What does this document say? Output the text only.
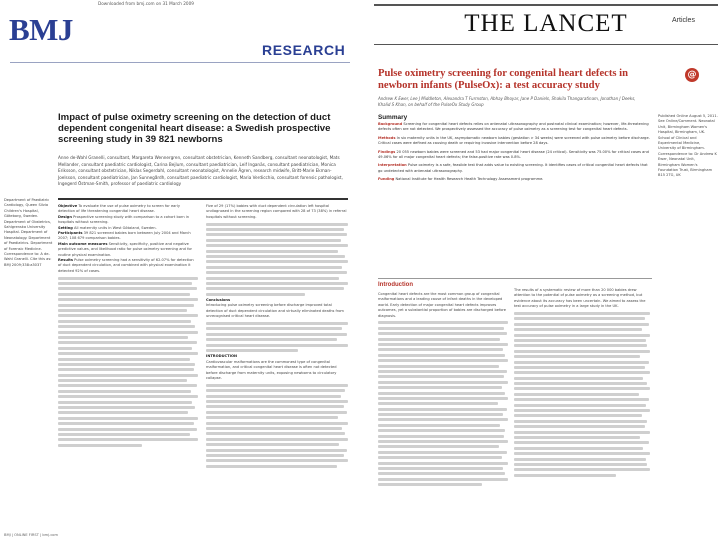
Downloaded from bmj.com on 31 March 2009
BMJ
RESEARCH
Impact of pulse oximetry screening on the detection of duct dependent congenital heart disease: a Swedish prospective screening study in 39 821 newborns
Anne de-Wahl Granelli, consultant, Margareta Wennergren, consultant obstetrician, Kenneth Sandberg, consultant neonatologist, Mats Mellander, consultant paediatric cardiologist, Carina Bejlum, consultant paediatrician, Leif Inganäs, consultant paediatrician, Monica Eriksson, consultant obstetrician, Niklas Segerdahl, consultant neonatologist, Annelie Ågren, research midwife, Britt-Marie Ekman-Joelsson, consultant paediatrician, Jan Sunnegårdh, consultant paediatric cardiologist, Maria Verdicchio, consultant forensic pathologist, Ingegerd Östman-Smith, professor of paediatric cardiology
Department of Paediatric Cardiology, Queen Silvia Children's Hospital, Göteborg, Sweden. Department of Obstetrics, Sahlgrenska University Hospital. Department of Neonatology. Department of Paediatrics. Department of Forensic Medicine. Correspondence to: A de-Wahl Granelli. Cite this as: BMJ 2009;338:a3037
Objective To evaluate the use of pulse oximetry to screen for early detection of life threatening congenital heart disease.
Design Prospective screening study with comparison to a cohort born in hospitals without screening.
Setting All maternity units in West Götaland, Sweden.
Participants 39 821 screened babies born between July 2004 and March 2007; 108 679 comparison babies.
Main outcome measures Sensitivity, specificity, positive and negative predictive values, and likelihood ratio for pulse oximetry screening and for routine physical examination.
Results Pulse oximetry screening had a sensitivity of 62.07% for detection of duct dependent circulation, and combined with physical examination it detected 92% of cases.
Five of 29 (17%) babies with duct dependent circulation left hospital undiagnosed in the screening region compared with 28 of 73 (38%) in referral hospitals without screening.
Conclusions
Introducing pulse oximetry screening before discharge improved total detection of duct dependent circulation and virtually eliminated deaths from unrecognised critical heart disease.
INTRODUCTION
Cardiovascular malformations are the commonest type of congenital malformation, and critical congenital heart disease is often not detected before discharge from maternity units, exposing newborns to circulatory collapse.
BMJ | ONLINE FIRST | bmj.com
THE LANCET	Articles
Pulse oximetry screening for congenital heart defects in newborn infants (PulseOx): a test accuracy study
@
Andrew K Ewer, Lee J Middleton, Alexandra T Furmston, Abhay Bhoyar, Jane P Daniels, Shakila Thangaratinam, Jonathan J Deeks, Khalid S Khan, on behalf of the PulseOx Study Group
Summary

Background Screening for congenital heart defects relies on antenatal ultrasonography and postnatal clinical examination; however, life-threatening defects often are not detected. We prospectively assessed the accuracy of pulse oximetry as a screening test for congenital heart defects.

Methods In six maternity units in the UK, asymptomatic newborn babies (gestation > 34 weeks) were screened with pulse oximetry before discharge. Critical cases were defined as causing death or requiring invasive intervention before 28 days.

Findings 20 055 newborn babies were screened and 53 had major congenital heart disease (24 critical). Sensitivity was 75.00% for critical cases and 49.06% for all major congenital heart defects; the false-positive rate was 0.8%.

Interpretation Pulse oximetry is a safe, feasible test that adds value to existing screening. It identifies cases of critical congenital heart defects that go undetected with antenatal ultrasonography.

Funding National Institute for Health Research Health Technology Assessment programme.

Published Online August 5, 2011. See Online/Comment. Neonatal Unit, Birmingham Women's Hospital, Birmingham, UK. School of Clinical and Experimental Medicine, University of Birmingham. Correspondence to: Dr Andrew K Ewer, Neonatal Unit, Birmingham Women's Foundation Trust, Birmingham B15 2TG, UK

Introduction
Congenital heart defects are the most common group of congenital malformations and a leading cause of infant deaths in the developed world. Early detection of major congenital heart defects improves outcomes, yet a substantial proportion of babies are discharged before diagnosis.
The results of a systematic review of more than 20 000 babies drew attention to the potential of pulse oximetry as a screening method, but evidence about its accuracy has been uncertain. We aimed to assess the test accuracy of pulse oximetry in a large study in the UK.
